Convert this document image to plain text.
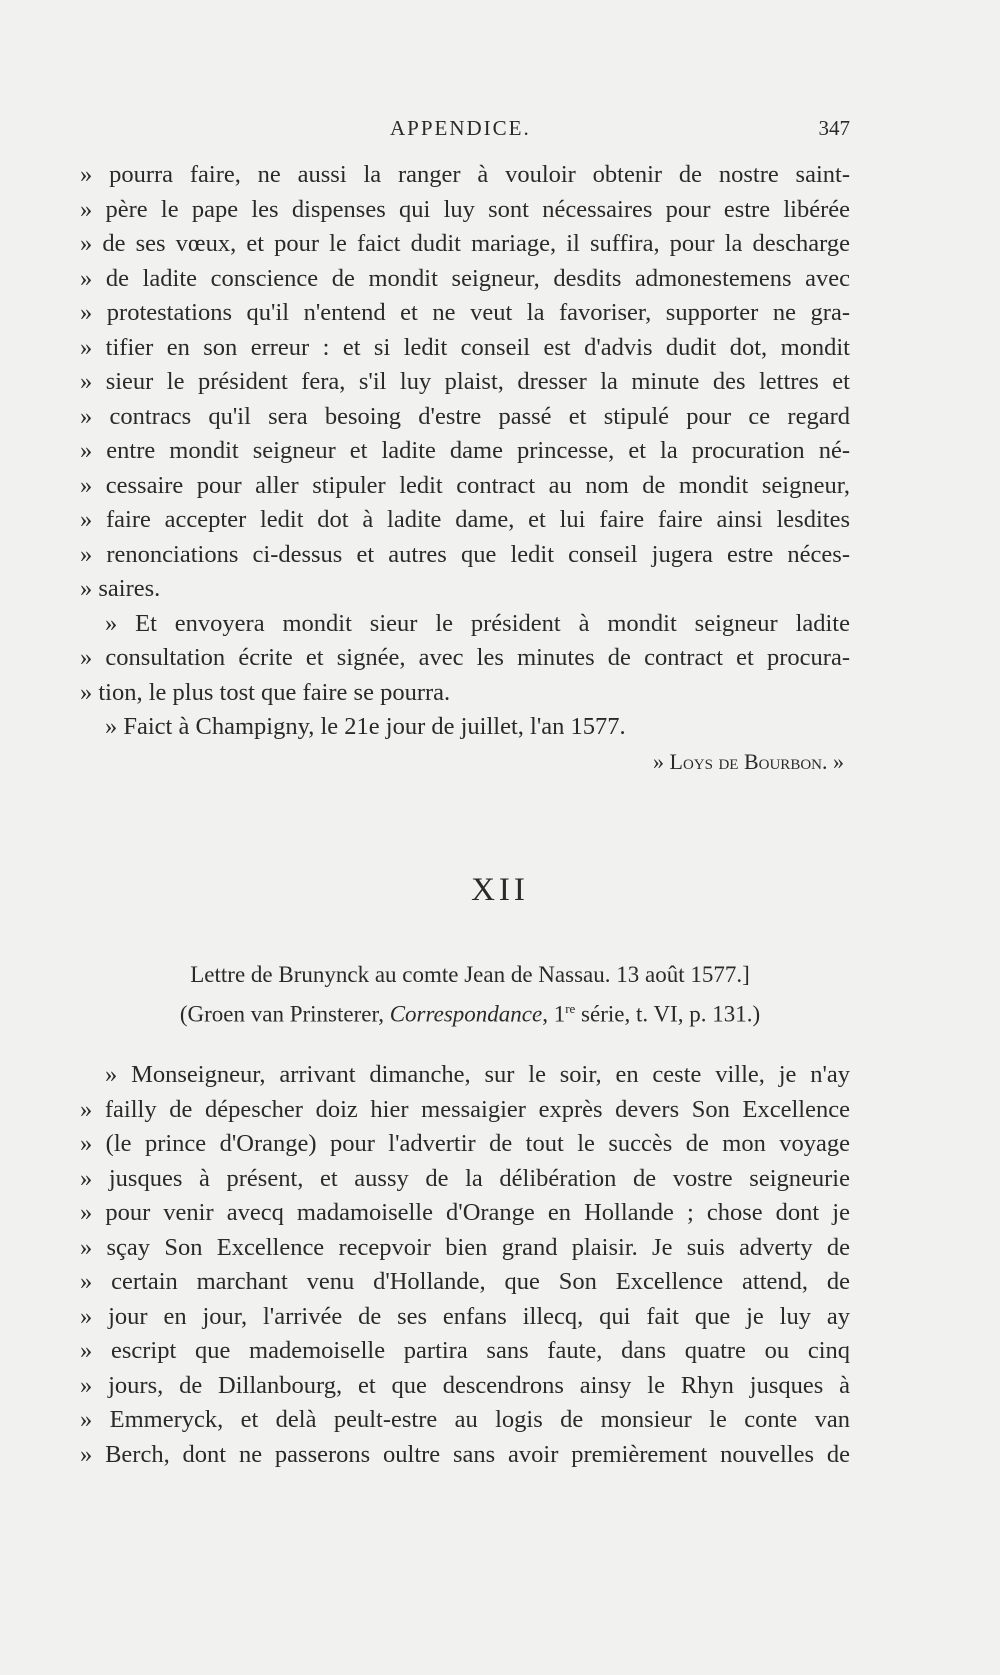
APPENDICE.	347
» pourra faire, ne aussi la ranger à vouloir obtenir de nostre saint-
» père le pape les dispenses qui luy sont nécessaires pour estre libérée
» de ses vœux, et pour le faict dudit mariage, il suffira, pour la descharge
» de ladite conscience de mondit seigneur, desdits admonestemens avec
» protestations qu'il n'entend et ne veut la favoriser, supporter ne gra-
» tifier en son erreur : et si ledit conseil est d'advis dudit dot, mondit
» sieur le président fera, s'il luy plaist, dresser la minute des lettres et
» contracs qu'il sera besoing d'estre passé et stipulé pour ce regard
» entre mondit seigneur et ladite dame princesse, et la procuration né-
» cessaire pour aller stipuler ledit contract au nom de mondit seigneur,
» faire accepter ledit dot à ladite dame, et lui faire faire ainsi lesdites
» renonciations ci-dessus et autres que ledit conseil jugera estre néces-
» saires.
» Et envoyera mondit sieur le président à mondit seigneur ladite
» consultation écrite et signée, avec les minutes de contract et procura-
» tion, le plus tost que faire se pourra.
» Faict à Champigny, le 21e jour de juillet, l'an 1577.
» Loys de Bourbon. »
XII
Lettre de Brunynck au comte Jean de Nassau. 13 août 1577.]
(Groen van Prinsterer, Correspondance, 1re série, t. VI, p. 131.)
» Monseigneur, arrivant dimanche, sur le soir, en ceste ville, je n'ay
» failly de dépescher doiz hier messaigier exprès devers Son Excellence
» (le prince d'Orange) pour l'advertir de tout le succès de mon voyage
» jusques à présent, et aussy de la délibération de vostre seigneurie
» pour venir avecq madamoiselle d'Orange en Hollande ; chose dont je
» sçay Son Excellence recepvoir bien grand plaisir. Je suis adverty de
» certain marchant venu d'Hollande, que Son Excellence attend, de
» jour en jour, l'arrivée de ses enfans illecq, qui fait que je luy ay
» escript que mademoiselle partira sans faute, dans quatre ou cinq
» jours, de Dillanbourg, et que descendrons ainsy le Rhyn jusques à
» Emmeryck, et delà peult-estre au logis de monsieur le conte van
» Berch, dont ne passerons oultre sans avoir premièrement nouvelles de
